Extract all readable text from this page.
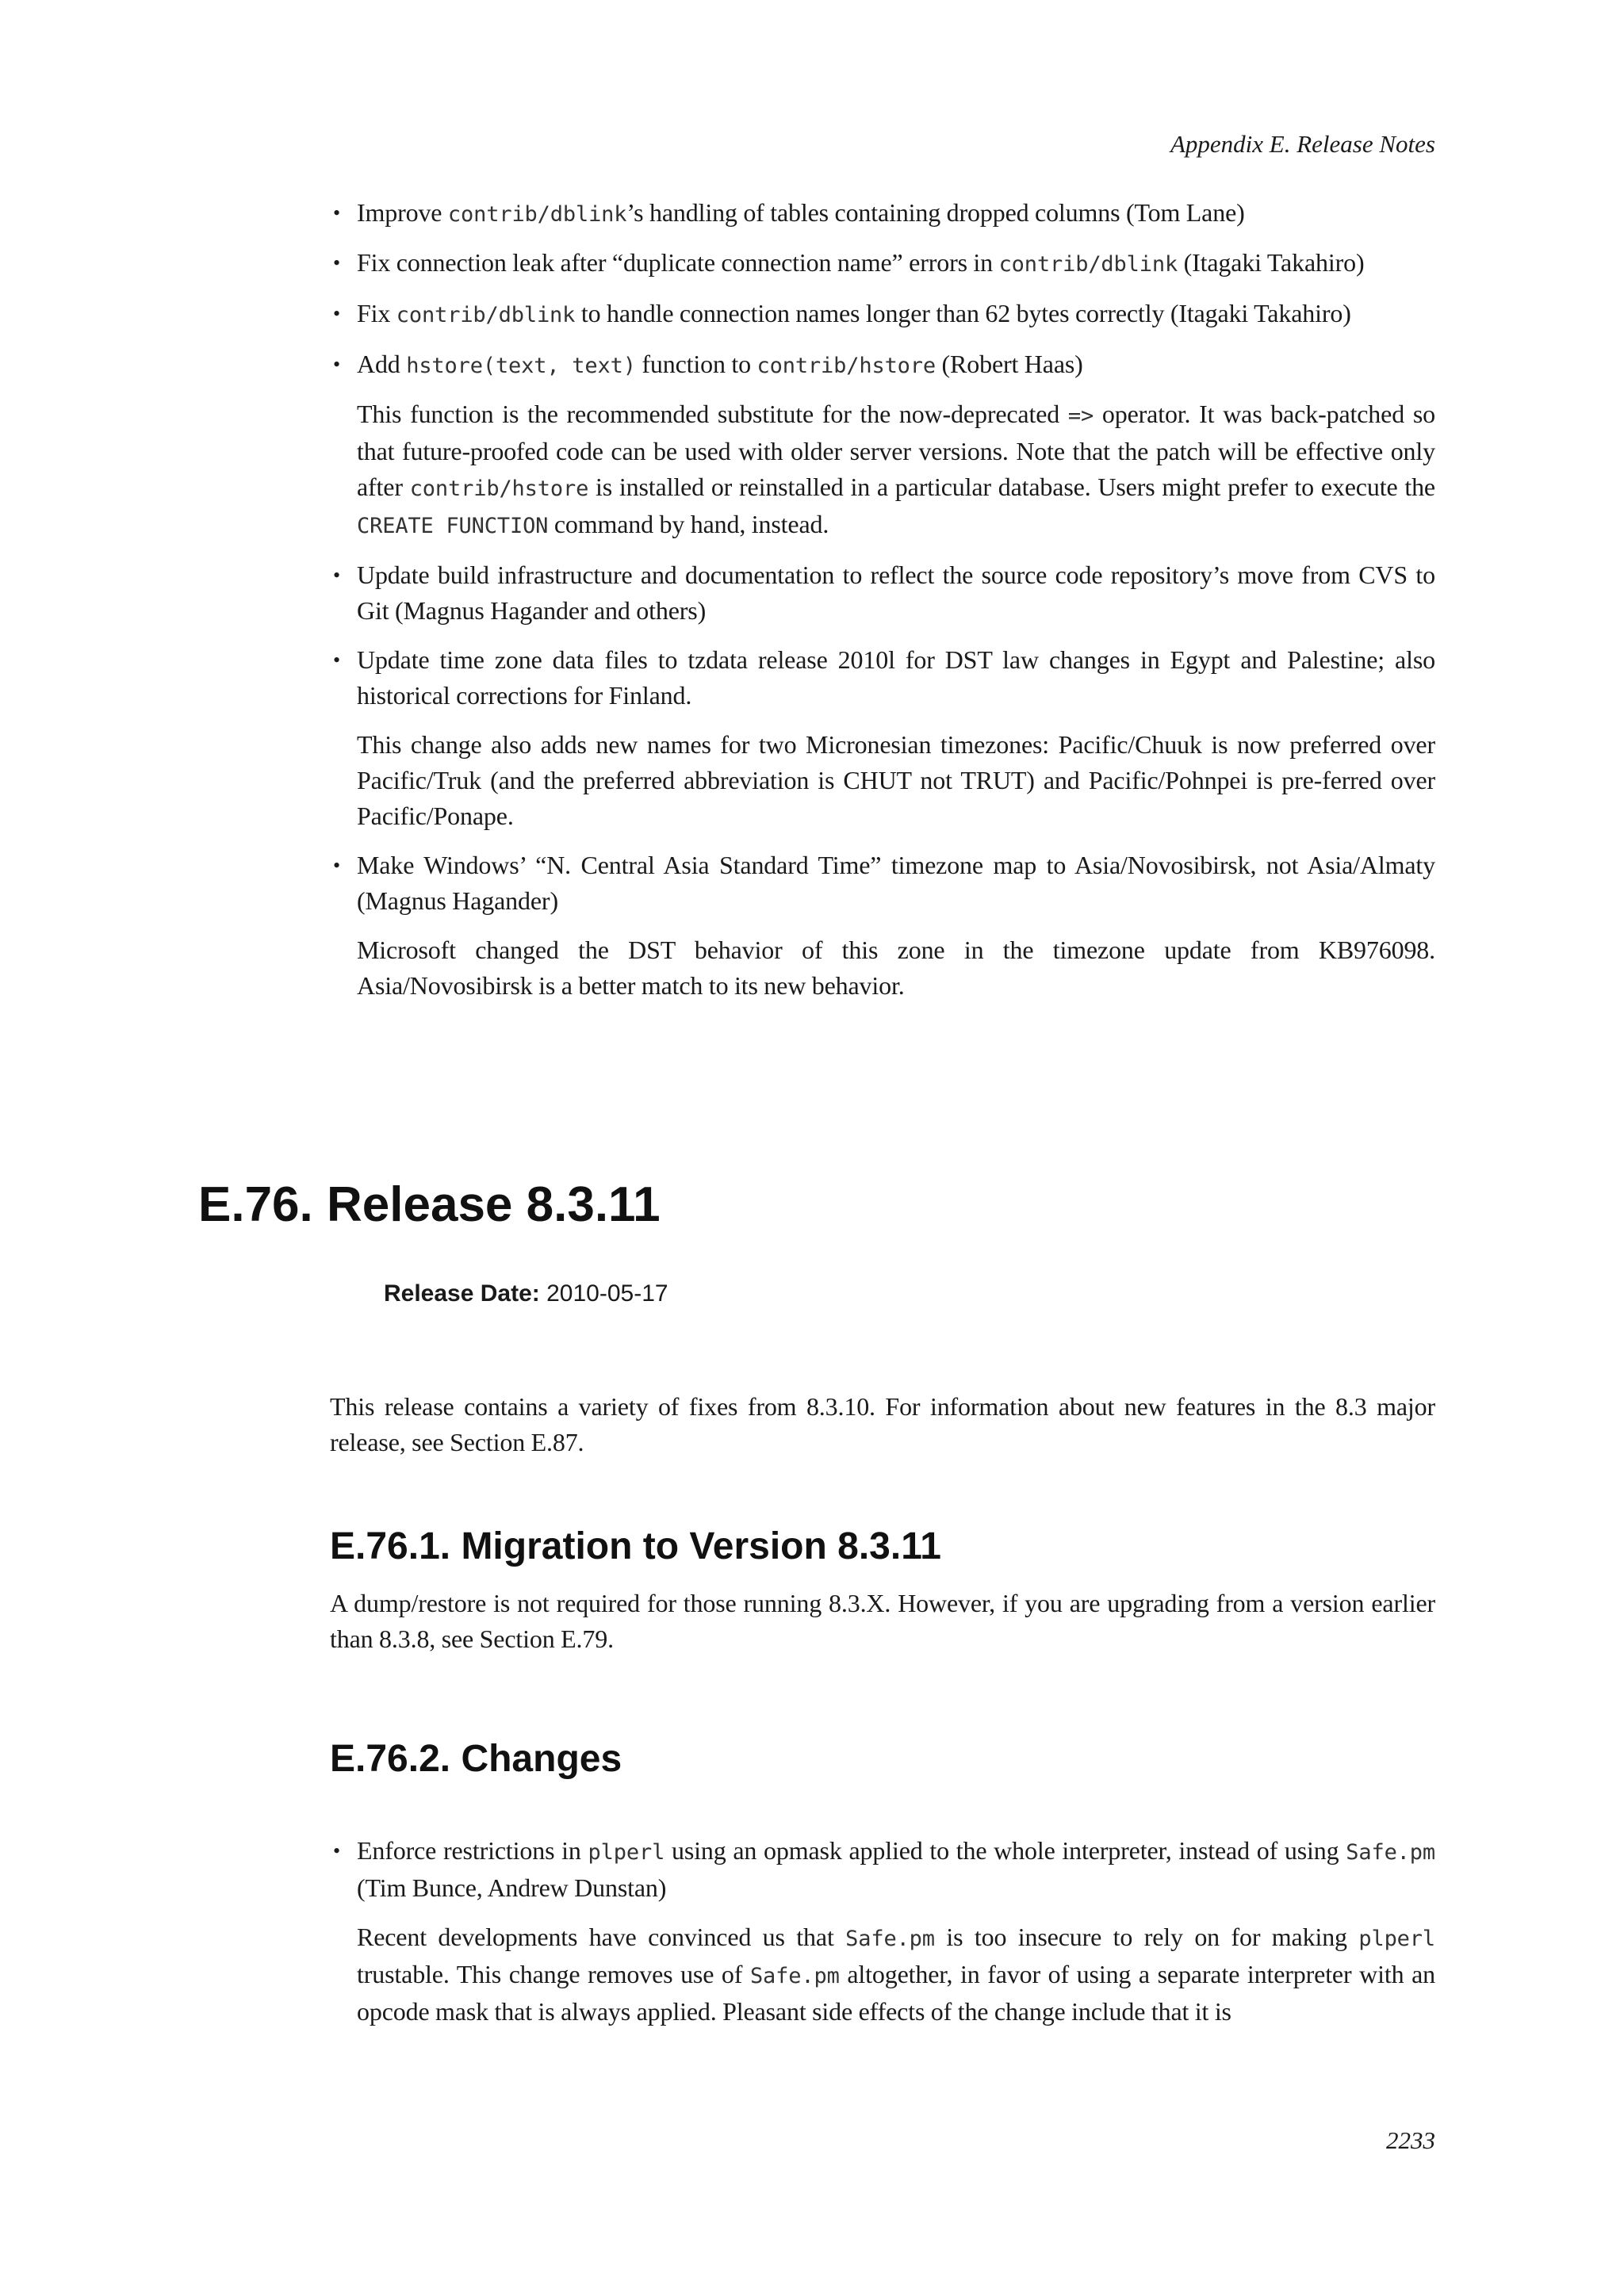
Appendix E. Release Notes

• Improve contrib/dblink’s handling of tables containing dropped columns (Tom Lane)

• Fix connection leak after “duplicate connection name” errors in contrib/dblink (Itagaki Takahiro)

• Fix contrib/dblink to handle connection names longer than 62 bytes correctly (Itagaki Takahiro)

• Add hstore(text, text) function to contrib/hstore (Robert Haas)

This function is the recommended substitute for the now-deprecated => operator. It was back-patched so that future-proofed code can be used with older server versions. Note that the patch will be effective only after contrib/hstore is installed or reinstalled in a particular database. Users might prefer to execute the CREATE FUNCTION command by hand, instead.

• Update build infrastructure and documentation to reflect the source code repository’s move from CVS to Git (Magnus Hagander and others)

• Update time zone data files to tzdata release 2010l for DST law changes in Egypt and Palestine; also historical corrections for Finland.

This change also adds new names for two Micronesian timezones: Pacific/Chuuk is now preferred over Pacific/Truk (and the preferred abbreviation is CHUT not TRUT) and Pacific/Pohnpei is pre-ferred over Pacific/Ponape.

• Make Windows’ “N. Central Asia Standard Time” timezone map to Asia/Novosibirsk, not Asia/Almaty (Magnus Hagander)

Microsoft changed the DST behavior of this zone in the timezone update from KB976098. Asia/Novosibirsk is a better match to its new behavior.

E.76. Release 8.3.11
Release Date: 2010-05-17

This release contains a variety of fixes from 8.3.10. For information about new features in the 8.3 major release, see Section E.87.

E.76.1. Migration to Version 8.3.11

A dump/restore is not required for those running 8.3.X. However, if you are upgrading from a version earlier than 8.3.8, see Section E.79.

E.76.2. Changes

• Enforce restrictions in plperl using an opmask applied to the whole interpreter, instead of using Safe.pm (Tim Bunce, Andrew Dunstan)

Recent developments have convinced us that Safe.pm is too insecure to rely on for making plperl trustable. This change removes use of Safe.pm altogether, in favor of using a separate interpreter with an opcode mask that is always applied. Pleasant side effects of the change include that it is

2233
